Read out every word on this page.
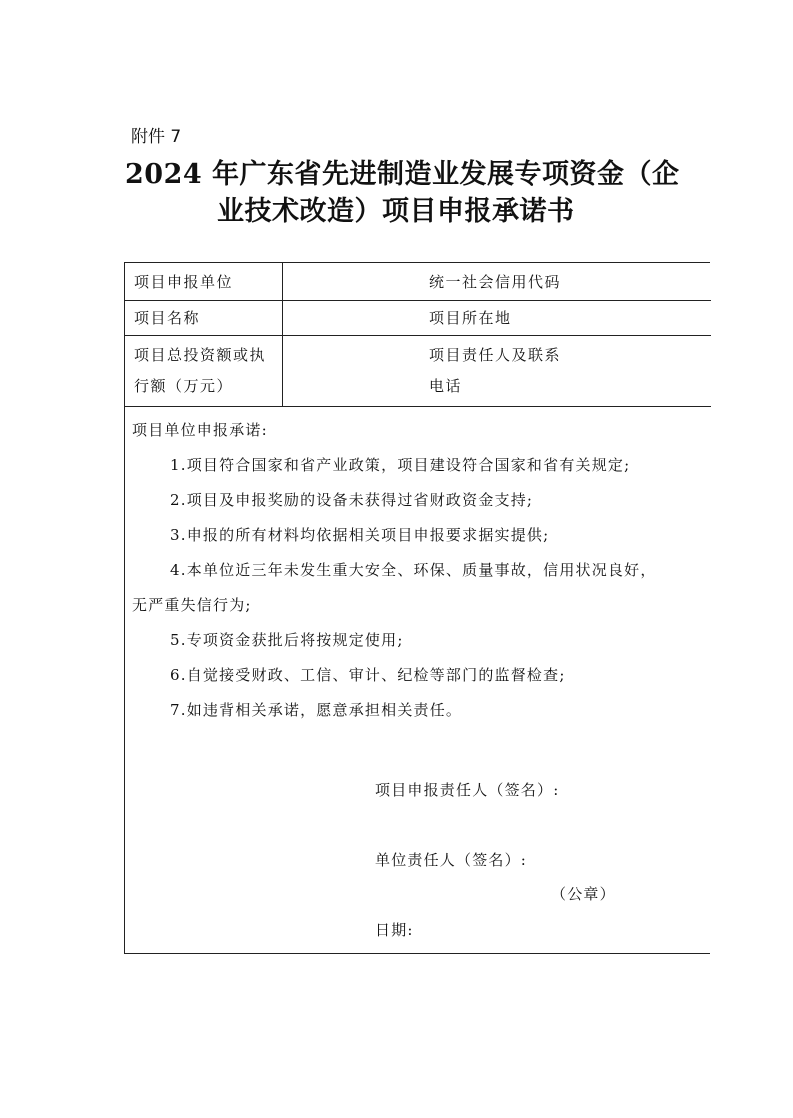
附件 7
2024 年广东省先进制造业发展专项资金（企
业技术改造）项目申报承诺书
项目申报单位	统一社会信用代码
项目名称	项目所在地
项目总投资额或执
行额（万元）
项目责任人及联系
电话
项目单位申报承诺:
1.项目符合国家和省产业政策，项目建设符合国家和省有关规定;
2.项目及申报奖励的设备未获得过省财政资金支持;
3.申报的所有材料均依据相关项目申报要求据实提供;
4.本单位近三年未发生重大安全、环保、质量事故，信用状况良好，
无严重失信行为;
5.专项资金获批后将按规定使用;
6.自觉接受财政、工信、审计、纪检等部门的监督检查;
7.如违背相关承诺，愿意承担相关责任。
项目申报责任人（签名）:
单位责任人（签名）:
（公章）
日期:
